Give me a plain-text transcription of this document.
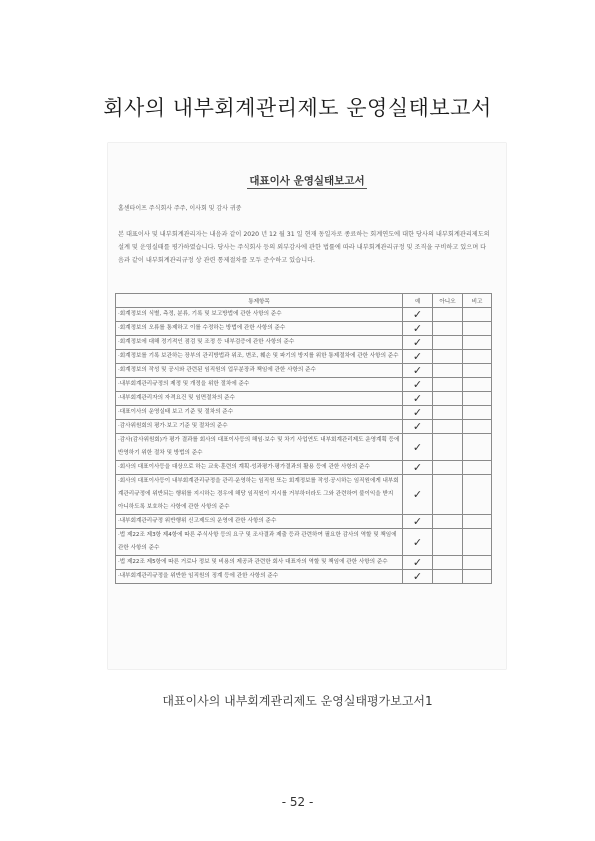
회사의 내부회계관리제도 운영실태보고서
대표이사 운영실태보고서
홈센타이프 주식회사 주주, 이사회 및 감사 귀중

본 대표이사 및 내부회계관리자는 내음과 같이 2020 년 12 월 31 일 현재 동일자로 종료하는 회계연도에 대한 당사의 내부회계관리제도의 설계 및 운영실태를 평가하였습니다. 당사는 주식회사 등의 외부감사에 관한 법률에 따라 내부회계관리규정 및 조직을 구비하고 있으며 다음과 같이 내부회계관리규정 상 관련 통제절차를 모두 준수하고 있습니다.

통제항목	예	아니오	비고
·회계정보의 식별, 측정, 분류, 기록 및 보고방법에 관한 사항의 준수	✓		
·회계정보의 오류를 통제하고 이를 수정하는 방법에 관한 사항의 준수	✓		
·회계정보에 대해 정기적인 점검 및 조정 등 내부검증에 관한 사항의 준수	✓		
·회계정보를 기록 보관하는 장부의 관리방법과 위조, 변조, 훼손 및 파기의 방지를 위한 통제절차에 관한 사항의 준수	✓		
·회계정보의 작성 및 공시와 관련된 임직원의 업무분장과 책임에 관한 사항의 준수	✓		
·내부회계관리규정의 제정 및 개정을 위한 절차에 준수	✓		
·내부회계관리자의 자격요건 및 임면절차의 준수	✓		
·대표이사의 운영실태 보고 기준 및 절차의 준수	✓		
·감사위원회의 평가·보고 기준 및 절차의 준수	✓		
·감사(감사위원회)가 평가 결과를 회사의 대표이사등의 해임·보수 및 차기 사업연도 내부회계관리제도 운영계획 등에 반영하기 위한 절차 및 방법의 준수	✓		
·회사의 대표이사등을 대상으로 하는 교육·훈련의 계획·성과평가·평가결과의 활용 등에 관한 사항의 준수	✓		
·회사의 대표이사등이 내부회계관리규정을 관리·운영하는 임직원 또는 회계정보를 작성·공시하는 임직원에게 내부회계관리규정에 위반되는 행위를 지시하는 경우에 해당 임직원이 지시를 거부하더라도 그와 관련하여 불이익을 받지 아니하도록 보호하는 사항에 관한 사항의 준수	✓		
·내부회계관리규정 위반행위 신고제도의 운영에 관한 사항의 준수	✓		
·법 제22조 제3항 제4항에 따른 주식사항 등의 요구 및 조사결과 제출 등과 관련하여 필요한 감사의 역할 및 책임에 관한 사항의 준수	✓		
·법 제22조 제5항에 따른 거로나 정보 및 비용의 제공과 관련한 회사 대표자의 역할 및 책임에 관한 사항의 준수	✓		
·내부회계관리규정을 위반한 임직원의 징계 등에 관한 사항의 준수	✓		
대표이사의 내부회계관리제도 운영실태평가보고서1
- 52 -
